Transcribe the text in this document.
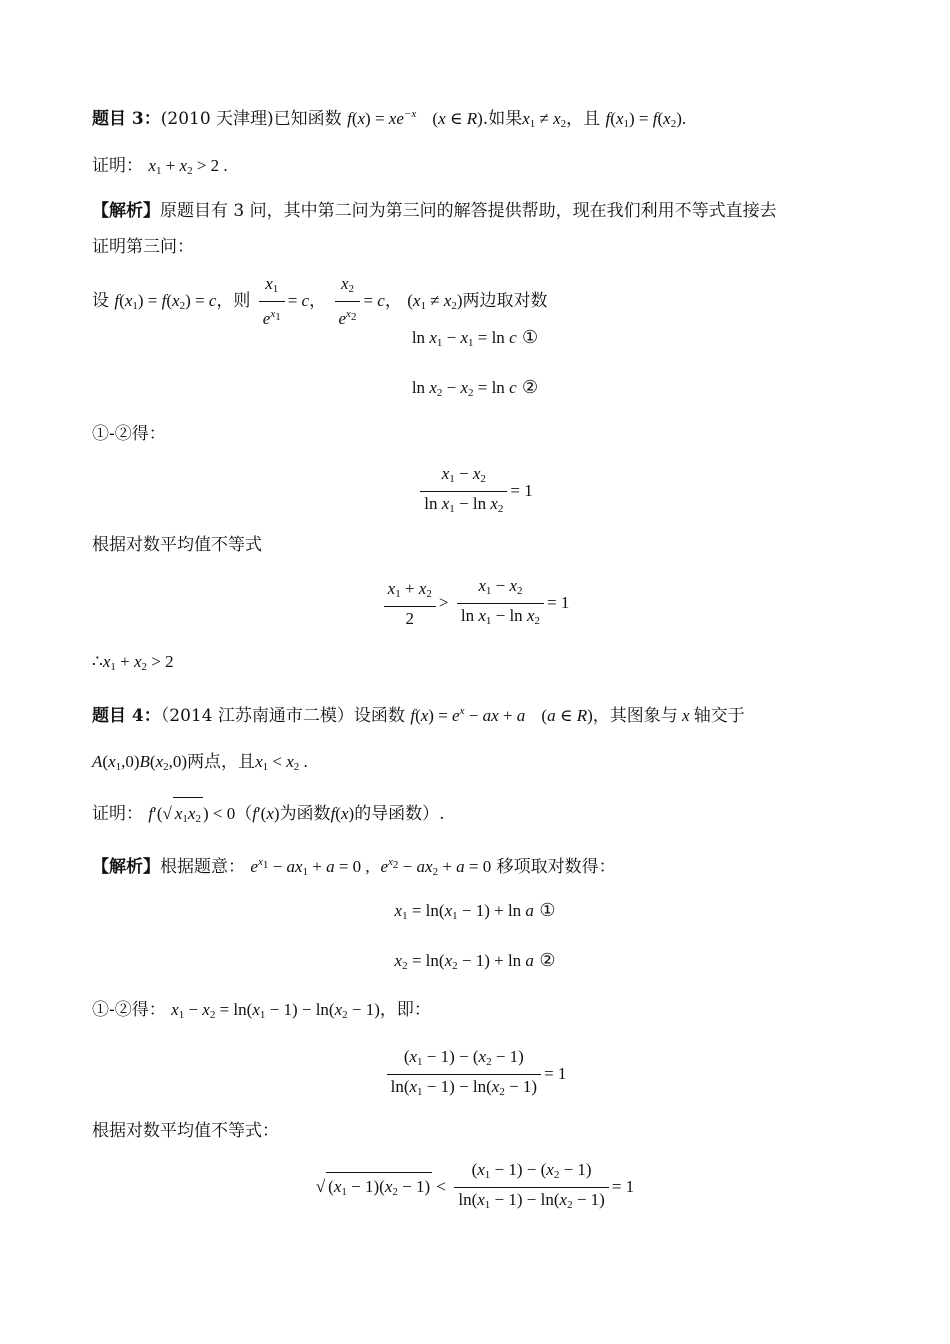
题目 3：(2010 天津理)已知函数 $f(x) = xe^{-x}$ (x ∈ R).如果$x_1 \ne x_2$，且 $f(x_1) = f(x_2)$.
证明： $x_1 + x_2 > 2$ .
【解析】原题目有 3 问，其中第二问为第三问的解答提供帮助，现在我们利用不等式直接去
证明第三问：
设 $f(x_1) = f(x_2) = c$，则 $\frac{x_1}{e^{x_1}} = c$， $\frac{x_2}{e^{x_2}} = c$， $(x_1 \ne x_2)$两边取对数
$\ln x_1 - x_1 = \ln c$ ①
$\ln x_2 - x_2 = \ln c$ ②
①-②得：
$\frac{x_1 - x_2}{\ln x_1 - \ln x_2} = 1$
根据对数平均值不等式
$\frac{x_1 + x_2}{2} > \frac{x_1 - x_2}{\ln x_1 - \ln x_2} = 1$
$\therefore x_1 + x_2 > 2$
题目 4：（2014 江苏南通市二模）设函数 $f(x) = e^x$ − ax + a (a ∈ R)，其图象与 x 轴交于
$A(x_1,0)B(x_2,0)$两点，且$x_1 < x_2$ .
证明： f′(√ $x_1x_2$ ) < 0（f′(x)为函数f(x)的导函数）.
【解析】根据题意： $e^{x_1} - ax_1 + a = 0$ , $e^{x_2} - ax_2 + a = 0$ 移项取对数得：
$x_1 = \ln(x_1 - 1) + \ln a$ ①
$x_2 = \ln(x_2 - 1) + \ln a$ ②
①-②得： $x_1 - x_2 = \ln(x_1 - 1) - \ln(x_2 - 1)$，即：
$\frac{(x_1 - 1) - (x_2 - 1)}{\ln(x_1 - 1) - \ln(x_2 - 1)} = 1$
根据对数平均值不等式：
√ $(x_1 - 1)(x_2 - 1) < \frac{(x_1 - 1) - (x_2 - 1)}{\ln(x_1 - 1) - \ln(x_2 - 1)} = 1$
